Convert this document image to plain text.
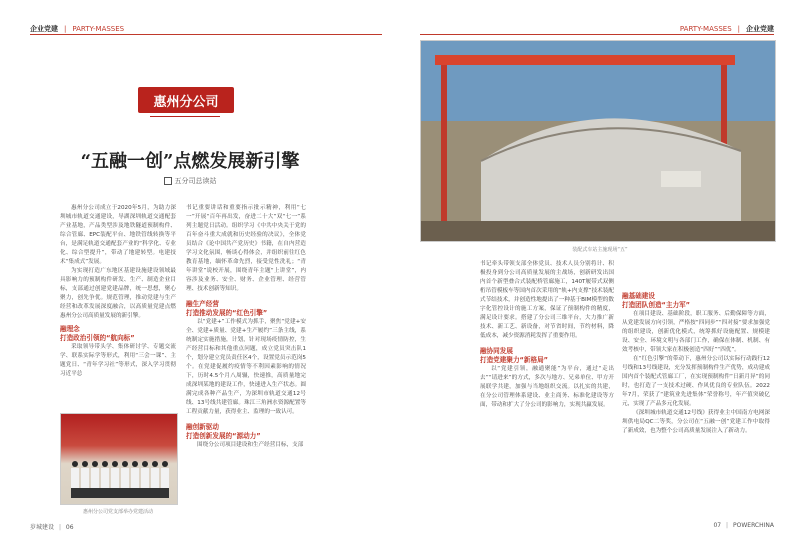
企业党建 | PARTY-MASSES	PARTY-MASSES | 企业党建
惠州分公司
“五融一创”点燃发展新引擎
五分司总读站

惠州分公司成立于2020年5月，为助力深圳城市轨道交通建设，导湖深圳轨道交通配套产业基地，产品类型涉及地铁隧道预制构件、综合管廊、EPC装配平台、地铁管线转换等平台，是满足轨道交通配套产业的“科学化、专业化、综合型提升”，带动了地建转型。电建技术“集成式”发展。

为实现打造广东地区基建设施建设领域最具影响力的预制构件研发、生产、制造企业目标，支部通过创建党建品牌，统一思想，聚心聚力，创先争优。规范管理，推动党建与生产经营和改革发展深度融合，以高质量党建点燃惠州分公司高质量发展的新引擎。

融理念
打造政治引领的“航向标”

采取领导带头学、集体研讨学、专题交流学、联系实际学等形式，利用“三会一课”、主题党日、“青年学习社”等形式，深入学习贯彻习近平总

惠州分公司党支部举办党建活动

书记重要讲话和重要指示批示精神，利用“七一”开展“百年再出发，奋进二十大”双“七一”系列主题党日活动。组织学习《中共中央关于党的百年奋斗重大成就和历史经验的决议》，全体党员结合《论中国共产党历史》书籍，在自内营造学习文化氛围，畅谈心得体会，并组织前往红色教育基地，缅怀革命先烈，接受党性洗礼；“青年讲堂”说校开展，围绕青年主题“上讲堂”，内容涉及业务、安全、财务、企业管理、经营管理、技术创新等知识。

融生产经营
打造推动发展的“红色引擎”

以“党建+”工作模式为抓手，聚焦“党建+安全、党建+质量、党建+生产履约”三条主线，系统制定实施措施，计划，针对现场疫情防控，生产经营目标和其他重点问题，成立党员突击队1个，划分建立党员责任区4个，设置党员示范岗5个。在党建促履约疫情等不利因素影响的情况下，历时4.5个月八周辗，快速推，高质量地完成深圳某地的建设工作，快速进入生产状态。圆满完成各种产品生产，为深圳市轨道交通12号线、13号线共建管廊。珠江三角洲水资源配置等工程贡献力量，获得业主、监理的一致认可。

融创新驱动
打造创新发展的“源动力”

围绕分公司项目建设和生产经营目标，支部

装配式车站主施现场“五”

书记牵头带领支部全体党员、技术人员分别将计、积极投身到分公司高质量发展的主战场，创新研发出国内首个新型叠合式装配桥管廊施工，140T履带式双侧桁吊管模板车等国内首次采用的“轨+内支撑”技术装配式节结技术，并创造性地提出了一种基于BIM模型的数字化管控设计的施工方案，保证了预制构件的精度，满足设计要求。搭建了分公司三维平台，大力推广新技术、新工艺、新设备，对节省时间，节约材料，降低成本，减少资源消耗发挥了重要作用。

融协同发展
打造党建聚力“新格局”

以“党建引领，融通聚能”为平台，通过“走出去”“请进来”的方式，多次与地方、兄弟单位、甲方开展联学共建，加强与当地组织交流。以扎实的共建，在分公司管理体系建设、业主商务、标准化建设等方面，带动和扩大了分公司的影响力，实现共赢发展。

融基础建设
打造团队创造“主力军”

在项目建设、基础阶段，职工服务、后勤保障等方面，从党建发展方向引领，严格按“四同步”“四对接”要求加强党的组织建设，创新优化模式，统筹抓好设施配置、规模建设、安全、环境文明与各部门工作，确保在体制、机制、有效考核中，带领大家在积极创造“四好”“四优”。

在“红色引擎”的带动下，惠州分公司以实际行动践行12号线和13号线建设，充分发挥预制构件生产优势，成功建成国内首个装配式管廊工厂，在实现预制构件“日新月异”的同时，也打造了一支技术过硬、作风优良的专业队伍。2022年7月，荣获了“建筑业先进集体”荣誉称号，年产值突破亿元，实现了产品多元化发展。

《深圳城市轨道交通12号线》获得业主中国南方电网深圳供电局QC二等奖，分公司在“五融一创”党建工作中取得了新成效，也为整个公司高质量发展注入了新动力。

岁城建设 | 06	07 | POWERCHINA
